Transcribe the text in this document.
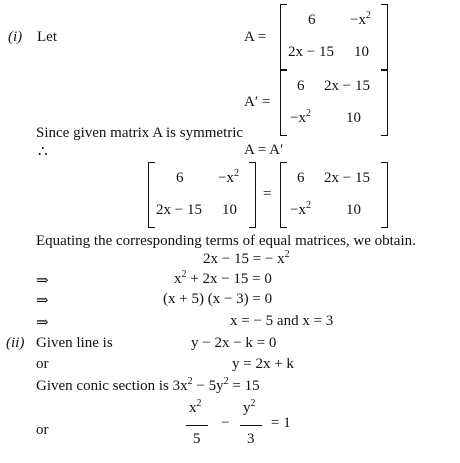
(i) Let	A =
$6 -x^2$
2x − 15 10
A′ =
6 2x − 15
$-x^2$ 10
Since given matrix A is symmetric
∴	A = A′
$6 -x^2$
2x − 15 10
=
6 2x − 15
$-x^2$ 10
Equating the corresponding terms of equal matrices, we obtain.
2x − 15 = − $x^2$
⇒	$x^2 + 2x - 15 = 0$
⇒	(x + 5) (x − 3) = 0
⇒	x = − 5 and x = 3
(ii) Given line is	y − 2x − k = 0
or	y = 2x + k
Given conic section is $3x^2 - 5y^2 = 15$
or
$x^2$
5
−
$y^2$
3
= 1
